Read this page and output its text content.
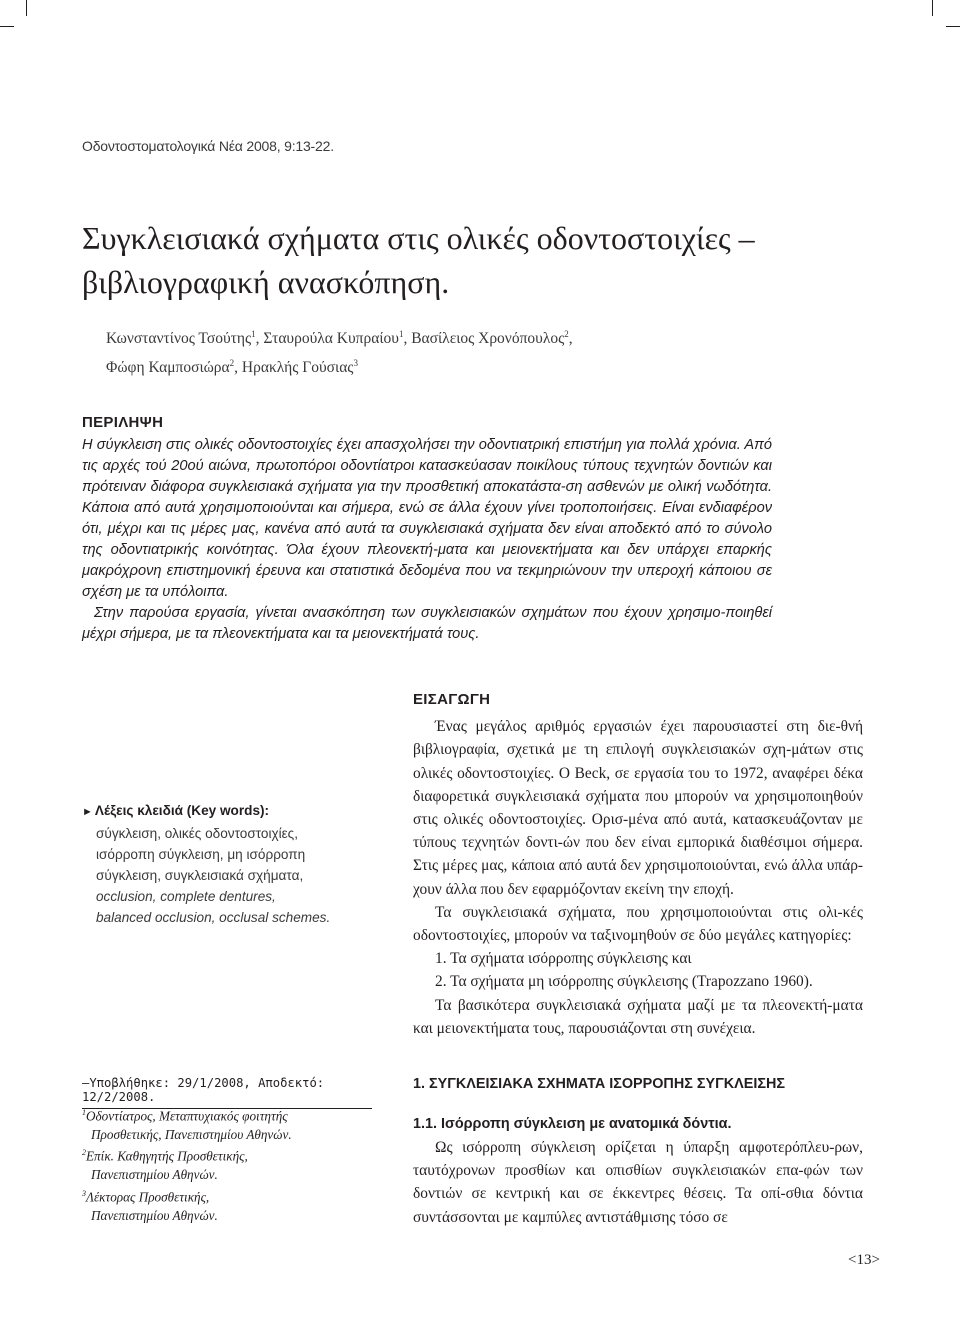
Οδοντοστοματολογικά Νέα 2008, 9:13-22.
Συγκλεισιακά σχήματα στις ολικές οδοντοστοιχίες –
βιβλιογραφική ανασκόπηση.
Κωνσταντίνος Τσούτης$^1$, Σταυρούλα Κυπραίου$^1$, Βασίλειος Χρονόπουλος$^2$,
Φώφη Καμποσιώρα$^2$, Ηρακλής Γούσιας$^3$
ΠΕΡΙΛΗΨΗ

Η σύγκλειση στις ολικές οδοντοστοιχίες έχει απασχολήσει την οδοντιατρική επιστήμη για πολλά χρόνια. Από τις αρχές τού 20ού αιώνα, πρωτοπόροι οδοντίατροι κατασκεύασαν ποικίλους τύπους τεχνητών δοντιών και πρότειναν διάφορα συγκλεισιακά σχήματα για την προσθετική αποκατάστα-ση ασθενών με ολική νωδότητα. Κάποια από αυτά χρησιμοποιούνται και σήμερα, ενώ σε άλλα έχουν γίνει τροποποιήσεις. Είναι ενδιαφέρον ότι, μέχρι και τις μέρες μας, κανένα από αυτά τα συγκλεισιακά σχήματα δεν είναι αποδεκτό από το σύνολο της οδοντιατρικής κοινότητας. Όλα έχουν πλεονεκτή-ματα και μειονεκτήματα και δεν υπάρχει επαρκής μακρόχρονη επιστημονική έρευνα και στατιστικά δεδομένα που να τεκμηριώνουν την υπεροχή κάποιου σε σχέση με τα υπόλοιπα.

Στην παρούσα εργασία, γίνεται ανασκόπηση των συγκλεισιακών σχημάτων που έχουν χρησιμο-ποιηθεί μέχρι σήμερα, με τα πλεονεκτήματα και τα μειονεκτήματά τους.

► Λέξεις κλειδιά (Key words):
σύγκλειση, ολικές οδοντοστοιχίες,
ισόρροπη σύγκλειση, μη ισόρροπη
σύγκλειση, συγκλεισιακά σχήματα,
occlusion, complete dentures,
balanced occlusion, occlusal schemes.
–Υποβλήθηκε: 29/1/2008, Αποδεκτό: 12/2/2008.
$^1$Οδοντίατρος, Μεταπτυχιακός φοιτητής
Προσθετικής, Πανεπιστημίου Αθηνών.
$^2$Επίκ. Καθηγητής Προσθετικής,
Πανεπιστημίου Αθηνών.
$^3$Λέκτορας Προσθετικής,
Πανεπιστημίου Αθηνών.
ΕΙΣΑΓΩΓΗ

Ένας μεγάλος αριθμός εργασιών έχει παρουσιαστεί στη διε-θνή βιβλιογραφία, σχετικά με τη επιλογή συγκλεισιακών σχη-μάτων στις ολικές οδοντοστοιχίες. Ο Beck, σε εργασία του το 1972, αναφέρει δέκα διαφορετικά συγκλεισιακά σχήματα που μπορούν να χρησιμοποιηθούν στις ολικές οδοντοστοιχίες. Ορισ-μένα από αυτά, κατασκευάζονταν με τύπους τεχνητών δοντι-ών που δεν είναι εμπορικά διαθέσιμοι σήμερα. Στις μέρες μας, κάποια από αυτά δεν χρησιμοποιούνται, ενώ άλλα υπάρ-χουν άλλα που δεν εφαρμόζονταν εκείνη την εποχή.

Τα συγκλεισιακά σχήματα, που χρησιμοποιούνται στις ολι-κές οδοντοστοιχίες, μπορούν να ταξινομηθούν σε δύο μεγάλες κατηγορίες:

1. Τα σχήματα ισόρροπης σύγκλεισης και
2. Τα σχήματα μη ισόρροπης σύγκλεισης (Trapozzano 1960).

Τα βασικότερα συγκλεισιακά σχήματα μαζί με τα πλεονεκτή-ματα και μειονεκτήματα τους, παρουσιάζονται στη συνέχεια.

1. ΣΥΓΚΛΕΙΣΙΑΚΑ ΣΧΗΜΑΤΑ ΙΣΟΡΡΟΠΗΣ ΣΥΓΚΛΕΙΣΗΣ
1.1. Ισόρροπη σύγκλειση με ανατομικά δόντια.
Ως ισόρροπη σύγκλειση ορίζεται η ύπαρξη αμφοτερόπλευ-ρων, ταυτόχρονων προσθίων και οπισθίων συγκλεισιακών επα-φών των δοντιών σε κεντρική και σε έκκεντρες θέσεις. Τα οπί-σθια δόντια συντάσσονται με καμπύλες αντιστάθμισης τόσο σε
<13>
